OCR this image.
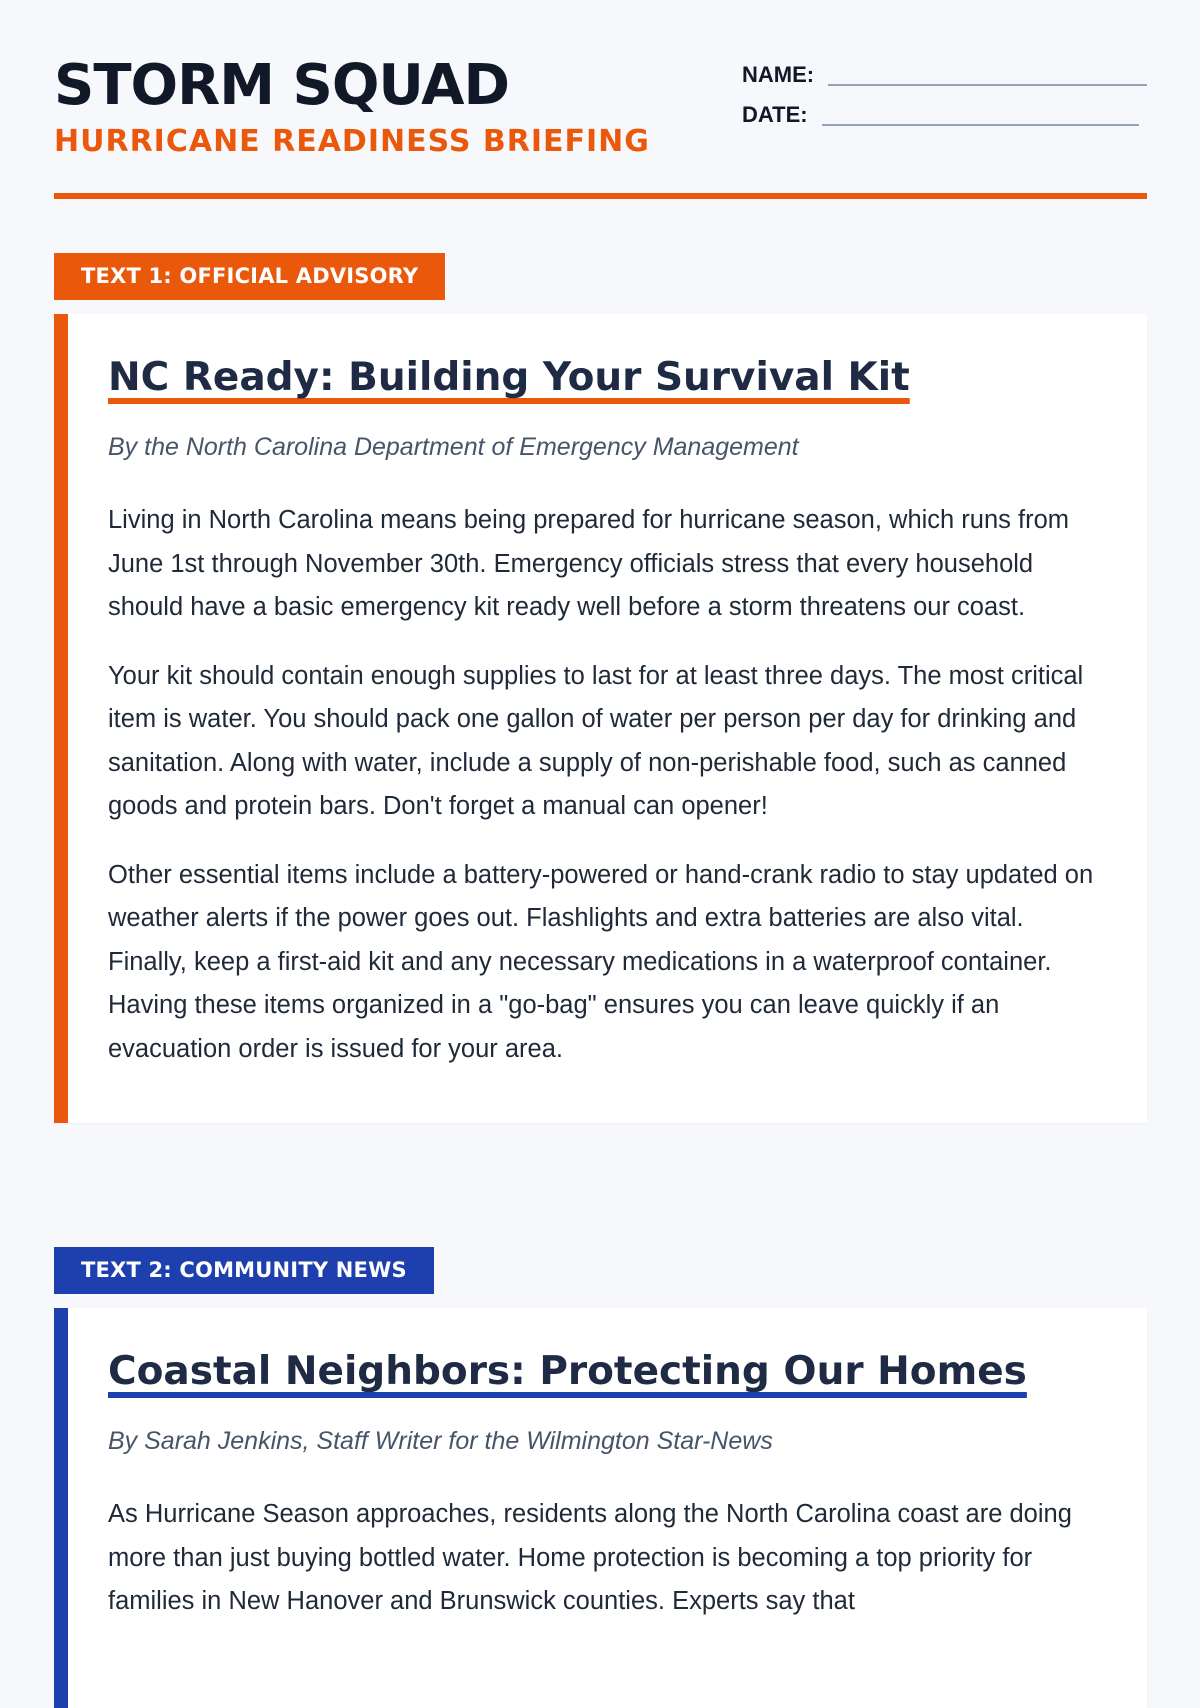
STORM SQUAD
HURRICANE READINESS BRIEFING
NAME:
DATE:
TEXT 1: OFFICIAL ADVISORY
NC Ready: Building Your Survival Kit

By the North Carolina Department of Emergency Management

Living in North Carolina means being prepared for hurricane season, which runs from June 1st through November 30th. Emergency officials stress that every household should have a basic emergency kit ready well before a storm threatens our coast.

Your kit should contain enough supplies to last for at least three days. The most critical item is water. You should pack one gallon of water per person per day for drinking and sanitation. Along with water, include a supply of non-perishable food, such as canned goods and protein bars. Don't forget a manual can opener!

Other essential items include a battery-powered or hand-crank radio to stay updated on weather alerts if the power goes out. Flashlights and extra batteries are also vital. Finally, keep a first-aid kit and any necessary medications in a waterproof container. Having these items organized in a "go-bag" ensures you can leave quickly if an evacuation order is issued for your area.

TEXT 2: COMMUNITY NEWS
Coastal Neighbors: Protecting Our Homes

By Sarah Jenkins, Staff Writer for the Wilmington Star-News

As Hurricane Season approaches, residents along the North Carolina coast are doing more than just buying bottled water. Home protection is becoming a top priority for families in New Hanover and Brunswick counties. Experts say that
